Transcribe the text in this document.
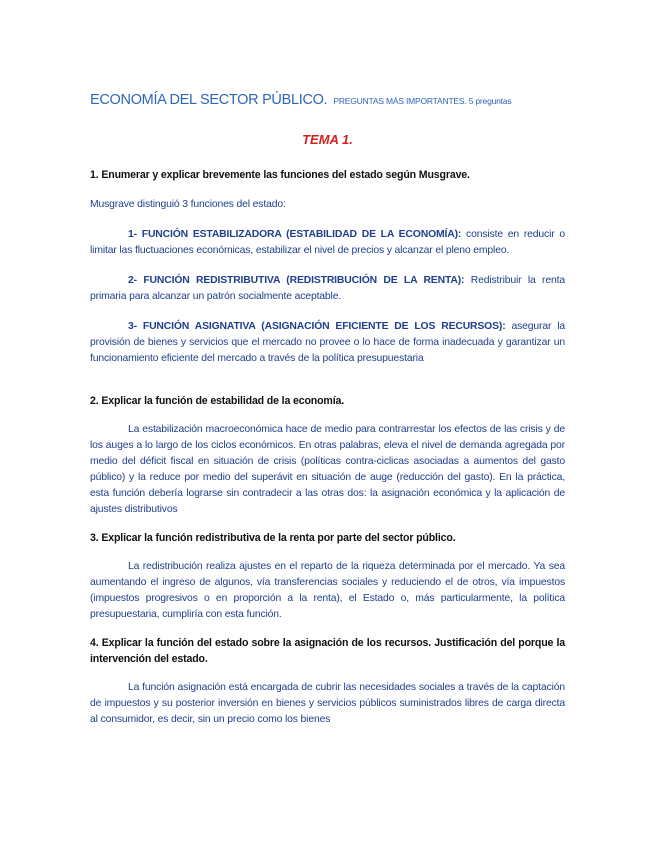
ECONOMÍA DEL SECTOR PÚBLICO. PREGUNTAS MÁS IMPORTANTES. 5 preguntas
TEMA 1.
1. Enumerar y explicar brevemente las funciones del estado según Musgrave.
Musgrave distinguió 3 funciones del estado:
1- FUNCIÓN ESTABILIZADORA (ESTABILIDAD DE LA ECONOMÍA): consiste en reducir o limitar las fluctuaciones económicas, estabilizar el nivel de precios y alcanzar el pleno empleo.
2- FUNCIÓN REDISTRIBUTIVA (REDISTRIBUCIÓN DE LA RENTA): Redistribuir la renta primaria para alcanzar un patrón socialmente aceptable.
3- FUNCIÓN ASIGNATIVA (ASIGNACIÓN EFICIENTE DE LOS RECURSOS): asegurar la provisión de bienes y servicios que el mercado no provee o lo hace de forma inadecuada y garantizar un funcionamiento eficiente del mercado a través de la política presupuestaria
2. Explicar la función de estabilidad de la economía.
La estabilización macroeconómica hace de medio para contrarrestar los efectos de las crisis y de los auges a lo largo de los ciclos económicos. En otras palabras, eleva el nivel de demanda agregada por medio del déficit fiscal en situación de crisis (políticas contra-ciclicas asociadas a aumentos del gasto público) y la reduce por medio del superávit en situación de auge (reducción del gasto). En la práctica, esta función debería lograrse sin contradecir a las otras dos: la asignación económica y la aplicación de ajustes distributivos
3. Explicar la función redistributiva de la renta por parte del sector público.
La redistribución realiza ajustes en el reparto de la riqueza determinada por el mercado. Ya sea aumentando el ingreso de algunos, vía transferencias sociales y reduciendo el de otros, vía impuestos (impuestos progresivos o en proporción a la renta), el Estado o, más particularmente, la política presupuestaria, cumpliría con esta función.
4. Explicar la función del estado sobre la asignación de los recursos. Justificación del porque la intervención del estado.
La función asignación está encargada de cubrir las necesidades sociales a través de la captación de impuestos y su posterior inversión en bienes y servicios públicos suministrados libres de carga directa al consumidor, es decir, sin un precio como los bienes
